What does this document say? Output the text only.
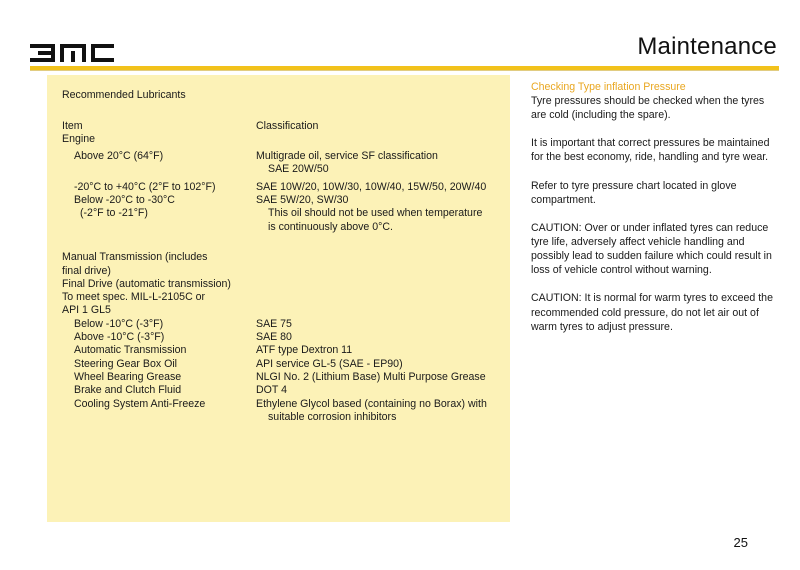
Maintenance
Recommended Lubricants
Item	Classification
Engine
Above 20°C (64°F)	Multigrade oil, service SF classification
SAE 20W/50
-20°C to +40°C (2°F to 102°F)	SAE 10W/20, 10W/30, 10W/40, 15W/50, 20W/40
Below -20°C to -30°C	SAE 5W/20, SW/30
(-2°F to -21°F)	This oil should not be used when temperature
is continuously above 0°C.
Manual Transmission (includes
final drive)
Final Drive (automatic transmission)
To meet spec. MIL-L-2105C or
API 1 GL5
Below -10°C (-3°F)	SAE 75
Above -10°C (-3°F)	SAE 80
Automatic Transmission	ATF type Dextron 11
Steering Gear Box Oil	API service GL-5 (SAE - EP90)
Wheel Bearing Grease	NLGI No. 2 (Lithium Base) Multi Purpose Grease
Brake and Clutch Fluid	DOT 4
Cooling System Anti-Freeze	Ethylene Glycol based (containing no Borax) with
suitable corrosion inhibitors
Checking Type inflation Pressure

Tyre pressures should be checked when the tyres are cold (including the spare).

It is important that correct pressures be maintained for the best economy, ride, handling and tyre wear.

Refer to tyre pressure chart located in glove compartment.

CAUTION: Over or under inflated tyres can reduce tyre life, adversely affect vehicle handling and possibly lead to sudden failure which could result in loss of vehicle control without warning.

CAUTION: It is normal for warm tyres to exceed the recommended cold pressure, do not let air out of warm tyres to adjust pressure.

25
